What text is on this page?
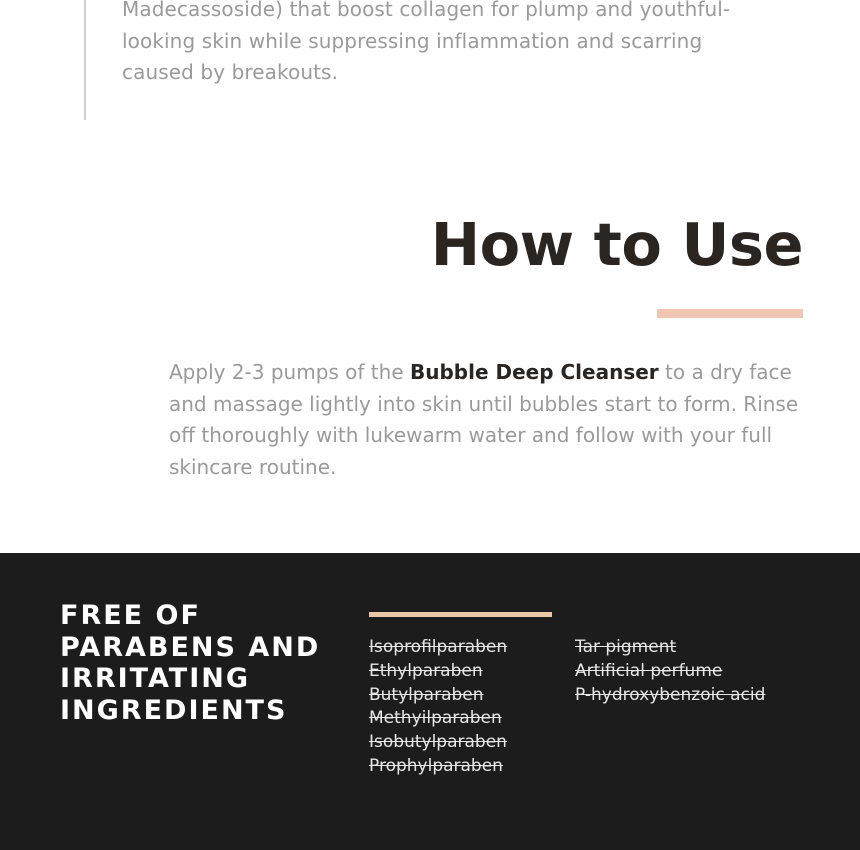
Madecassoside) that boost collagen for plump and youthful-looking skin while suppressing inflammation and scarring caused by breakouts.

How to Use

Apply 2-3 pumps of the Bubble Deep Cleanser to a dry face and massage lightly into skin until bubbles start to form. Rinse off thoroughly with lukewarm water and follow with your full skincare routine.

FREE OF PARABENS AND IRRITATING INGREDIENTS
Isoprofilparaben
Ethylparaben
Butylparaben
Methyilparaben
Isobutylparaben
Prophylparaben
Tar pigment
Artificial perfume
P-hydroxybenzoic acid
